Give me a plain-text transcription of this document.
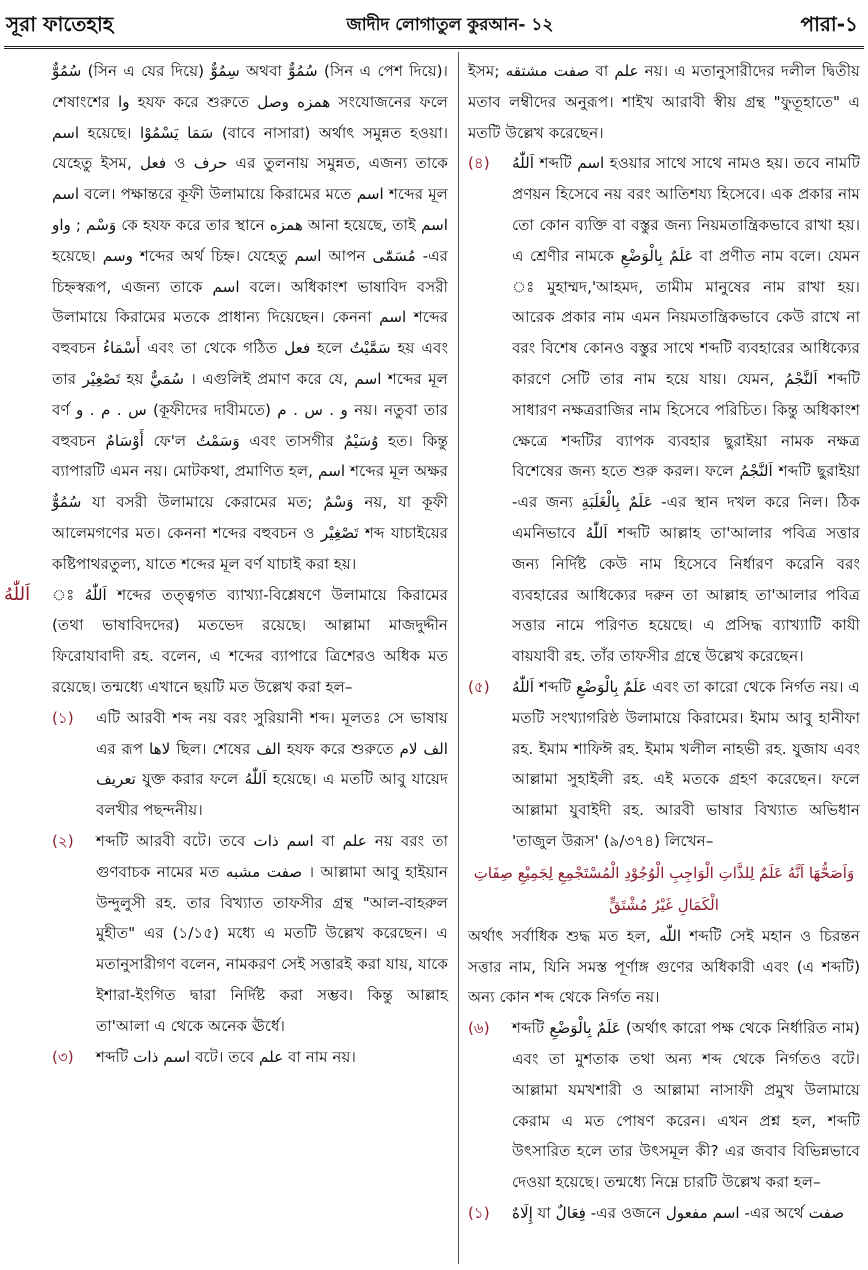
সূরা ফাতেহাহ	জাদীদ লোগাতুল কুরআন- ১২	পারা-১

سُمُوٌّ (সিন এ যের দিয়ে) سِمُوٌّ অথবা سُمُوٌّ (সিন এ পেশ দিয়ে)। শেষাংশের وا হযফ করে শুরুতে همزه وصل সংযোজনের ফলে اسم হয়েছে। سَمَا يَسْمُوْا (বাবে নাসারা) অর্থাৎ সমুন্নত হওয়া। যেহেতু ইসম, فعل ও حرف এর তুলনায় সমুন্নত, এজন্য তাকে اسم বলে। পক্ষান্তরে কূফী উলামায়ে কিরামের মতে اسم শব্দের মূল وَسْم ; واو কে হযফ করে তার স্থানে همزه আনা হয়েছে, তাই اسم হয়েছে। وسم শব্দের অর্থ চিহ্ন। যেহেতু اسم আপন مُسَمّٰى -এর চিহ্নস্বরূপ, এজন্য তাকে اسم বলে। অধিকাংশ ভাষাবিদ বসরী উলামায়ে কিরামের মতকে প্রাধান্য দিয়েছেন। কেননা اسم শব্দের বহুবচন أَسْمَاءُ এবং তা থেকে গঠিত فعل হলে سَمَّيْتُ হয় এবং তার تَصْغِيْر হয় سُمَيٌّ । এগুলিই প্রমাণ করে যে, اسم শব্দের মূল বর্ণ س . م . و (কূফীদের দাবীমতে) و . س . م নয়। নতুবা তার বহুবচন أَوْسَامٌ ফে'ল وَسَمْتُ এবং তাসগীর وُسَيْمٌ হত। কিন্তু ব্যাপারটি এমন নয়। মোটকথা, প্রমাণিত হল, اسم শব্দের মূল অক্ষর سُمُوٌّ যা বসরী উলামায়ে কেরামের মত; وَسْمٌ নয়, যা কূফী আলেমগণের মত। কেননা শব্দের বহুবচন ও تَصْغِيْر শব্দ যাচাইয়ের কষ্টিপাথরতুল্য, যাতে শব্দের মূল বর্ণ যাচাই করা হয়।

اَللّٰهُ ঃ اَللّٰهُ শব্দের তত্ত্বগত ব্যাখ্যা-বিশ্লেষণে উলামায়ে কিরামের (তথা ভাষাবিদদের) মতভেদ রয়েছে। আল্লামা মাজদুদ্দীন ফিরোযাবাদী রহ. বলেন, এ শব্দের ব্যাপারে ত্রিশেরও অধিক মত রয়েছে। তন্মধ্যে এখানে ছয়টি মত উল্লেখ করা হল–

(১) এটি আরবী শব্দ নয় বরং সুরিয়ানী শব্দ। মূলতঃ সে ভাষায় এর রূপ لاها ছিল। শেষের الف হযফ করে শুরুতে الف لام تعريف যুক্ত করার ফলে اَللّٰهُ হয়েছে। এ মতটি আবু যায়েদ বলখীর পছন্দনীয়।

(২) শব্দটি আরবী বটে। তবে اسم ذات বা علم নয় বরং তা গুণবাচক নামের মত صفت مشبه । আল্লামা আবু হাইয়ান উন্দুলুসী রহ. তার বিখ্যাত তাফসীর গ্রন্থ "আল-বাহরুল মুহীত" এর (১/১৫) মধ্যে এ মতটি উল্লেখ করেছেন। এ মতানুসারীগণ বলেন, নামকরণ সেই সত্তারই করা যায়, যাকে ইশারা-ইংগিত দ্বারা নির্দিষ্ট করা সম্ভব। কিন্তু আল্লাহ তা'আলা এ থেকে অনেক ঊর্ধে।

(৩) শব্দটি اسم ذات বটে। তবে علم বা নাম নয়।

ইসম; صفت مشتقه বা علم নয়। এ মতানুসারীদের দলীল দ্বিতীয় মতাব লম্বীদের অনুরূপ। শাইখ আরাবী স্বীয় গ্রন্থ "ফুতূহাতে" এ মতটি উল্লেখ করেছেন।

(৪) اَللّٰهُ শব্দটি اسم হওয়ার সাথে সাথে নামও হয়। তবে নামটি প্রণয়ন হিসেবে নয় বরং আতিশয্য হিসেবে। এক প্রকার নাম তো কোন ব্যক্তি বা বস্তুর জন্য নিয়মতান্ত্রিকভাবে রাখা হয়। এ শ্রেণীর নামকে عَلَمٌ بِالْوَضْعِ বা প্রণীত নাম বলে। যেমন ঃ মুহাম্মদ,'আহমদ, তামীম মানুষের নাম রাখা হয়। আরেক প্রকার নাম এমন নিয়মতান্ত্রিকভাবে কেউ রাখে না বরং বিশেষ কোনও বস্তুর সাথে শব্দটি ব্যবহারের আধিক্যের কারণে সেটি তার নাম হয়ে যায়। যেমন, اَلنَّجْمُ শব্দটি সাধারণ নক্ষত্ররাজির নাম হিসেবে পরিচিত। কিন্তু অধিকাংশ ক্ষেত্রে শব্দটির ব্যাপক ব্যবহার ছুরাইয়া নামক নক্ষত্র বিশেষের জন্য হতে শুরু করল। ফলে اَلنَّجْمُ শব্দটি ছুরাইয়া -এর জন্য عَلَمٌ بِالْغَلَبَةِ -এর স্থান দখল করে নিল। ঠিক এমনিভাবে اَللّٰهُ শব্দটি আল্লাহ তা'আলার পবিত্র সত্তার জন্য নির্দিষ্ট কেউ নাম হিসেবে নির্ধারণ করেনি বরং ব্যবহারের আধিক্যের দরুন তা আল্লাহ তা'আলার পবিত্র সত্তার নামে পরিণত হয়েছে। এ প্রসিদ্ধ ব্যাখ্যাটি কাযী বায়যাবী রহ. তাঁর তাফসীর গ্রন্থে উল্লেখ করেছেন।

(৫) اَللّٰهُ শব্দটি عَلَمٌ بِالْوَضْعِ এবং তা কারো থেকে নির্গত নয়। এ মতটি সংখ্যাগরিষ্ঠ উলামায়ে কিরামের। ইমাম আবু হানীফা রহ. ইমাম শাফিঈ রহ. ইমাম খলীল নাহভী রহ. যুজায এবং আল্লামা সুহাইলী রহ. এই মতকে গ্রহণ করেছেন। ফলে আল্লামা যুবাইদী রহ. আরবী ভাষার বিখ্যাত অভিধান 'তাজুল উরূস' (৯/৩৭৪) লিখেন–

وَاَصَحُّهَا اَنَّهُ عَلَمٌ لِلذَّاتِ الْوَاجِبِ الْوُجُوْدِ الْمُسْتَجْمِعِ لِجَمِيْعِ صِفَاتِ الْكَمَالِ غَيْرُ مُشْتَقٍّ

অর্থাৎ সর্বাধিক শুদ্ধ মত হল, اللّٰه শব্দটি সেই মহান ও চিরন্তন সত্তার নাম, যিনি সমস্ত পূর্ণাঙ্গ গুণের অধিকারী এবং (এ শব্দটি) অন্য কোন শব্দ থেকে নির্গত নয়।

(৬) শব্দটি عَلَمٌ بِالْوَضْعِ (অর্থাৎ কারো পক্ষ থেকে নির্ধারিত নাম) এবং তা মুশতাক তথা অন্য শব্দ থেকে নির্গতও বটে। আল্লামা যমখশারী ও আল্লামা নাসাফী প্রমুখ উলামায়ে কেরাম এ মত পোষণ করেন। এখন প্রশ্ন হল, শব্দটি উৎসারিত হলে তার উৎসমূল কী? এর জবাব বিভিন্নভাবে দেওয়া হয়েছে। তন্মধ্যে নিম্নে চারটি উল্লেখ করা হল–

(১) إِلَاهٌ যা فِعَالٌ -এর ওজনে اسم مفعول -এর অর্থে صفت
